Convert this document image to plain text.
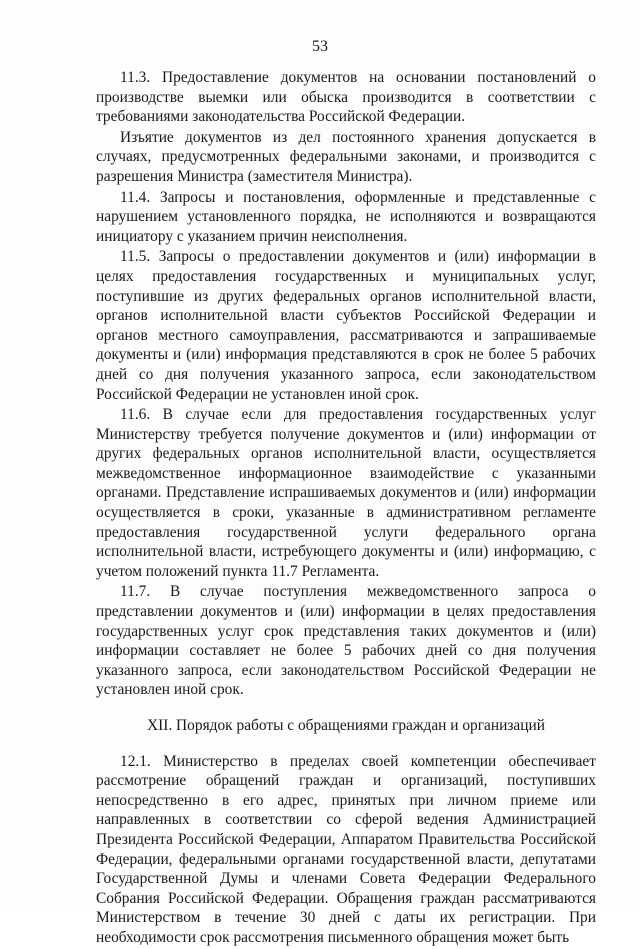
53

11.3. Предоставление документов на основании постановлений о производстве выемки или обыска производится в соответствии с требованиями законодательства Российской Федерации.

Изъятие документов из дел постоянного хранения допускается в случаях, предусмотренных федеральными законами, и производится с разрешения Министра (заместителя Министра).

11.4. Запросы и постановления, оформленные и представленные с нарушением установленного порядка, не исполняются и возвращаются инициатору с указанием причин неисполнения.

11.5. Запросы о предоставлении документов и (или) информации в целях предоставления государственных и муниципальных услуг, поступившие из других федеральных органов исполнительной власти, органов исполнительной власти субъектов Российской Федерации и органов местного самоуправления, рассматриваются и запрашиваемые документы и (или) информация представляются в срок не более 5 рабочих дней со дня получения указанного запроса, если законодательством Российской Федерации не установлен иной срок.

11.6. В случае если для предоставления государственных услуг Министерству требуется получение документов и (или) информации от других федеральных органов исполнительной власти, осуществляется межведомственное информационное взаимодействие с указанными органами. Представление испрашиваемых документов и (или) информации осуществляется в сроки, указанные в административном регламенте предоставления государственной услуги федерального органа исполнительной власти, истребующего документы и (или) информацию, с учетом положений пункта 11.7 Регламента.

11.7. В случае поступления межведомственного запроса о представлении документов и (или) информации в целях предоставления государственных услуг срок представления таких документов и (или) информации составляет не более 5 рабочих дней со дня получения указанного запроса, если законодательством Российской Федерации не установлен иной срок.

XII. Порядок работы с обращениями граждан и организаций

12.1. Министерство в пределах своей компетенции обеспечивает рассмотрение обращений граждан и организаций, поступивших непосредственно в его адрес, принятых при личном приеме или направленных в соответствии со сферой ведения Администрацией Президента Российской Федерации, Аппаратом Правительства Российской Федерации, федеральными органами государственной власти, депутатами Государственной Думы и членами Совета Федерации Федерального Собрания Российской Федерации. Обращения граждан рассматриваются Министерством в течение 30 дней с даты их регистрации. При необходимости срок рассмотрения письменного обращения может быть
